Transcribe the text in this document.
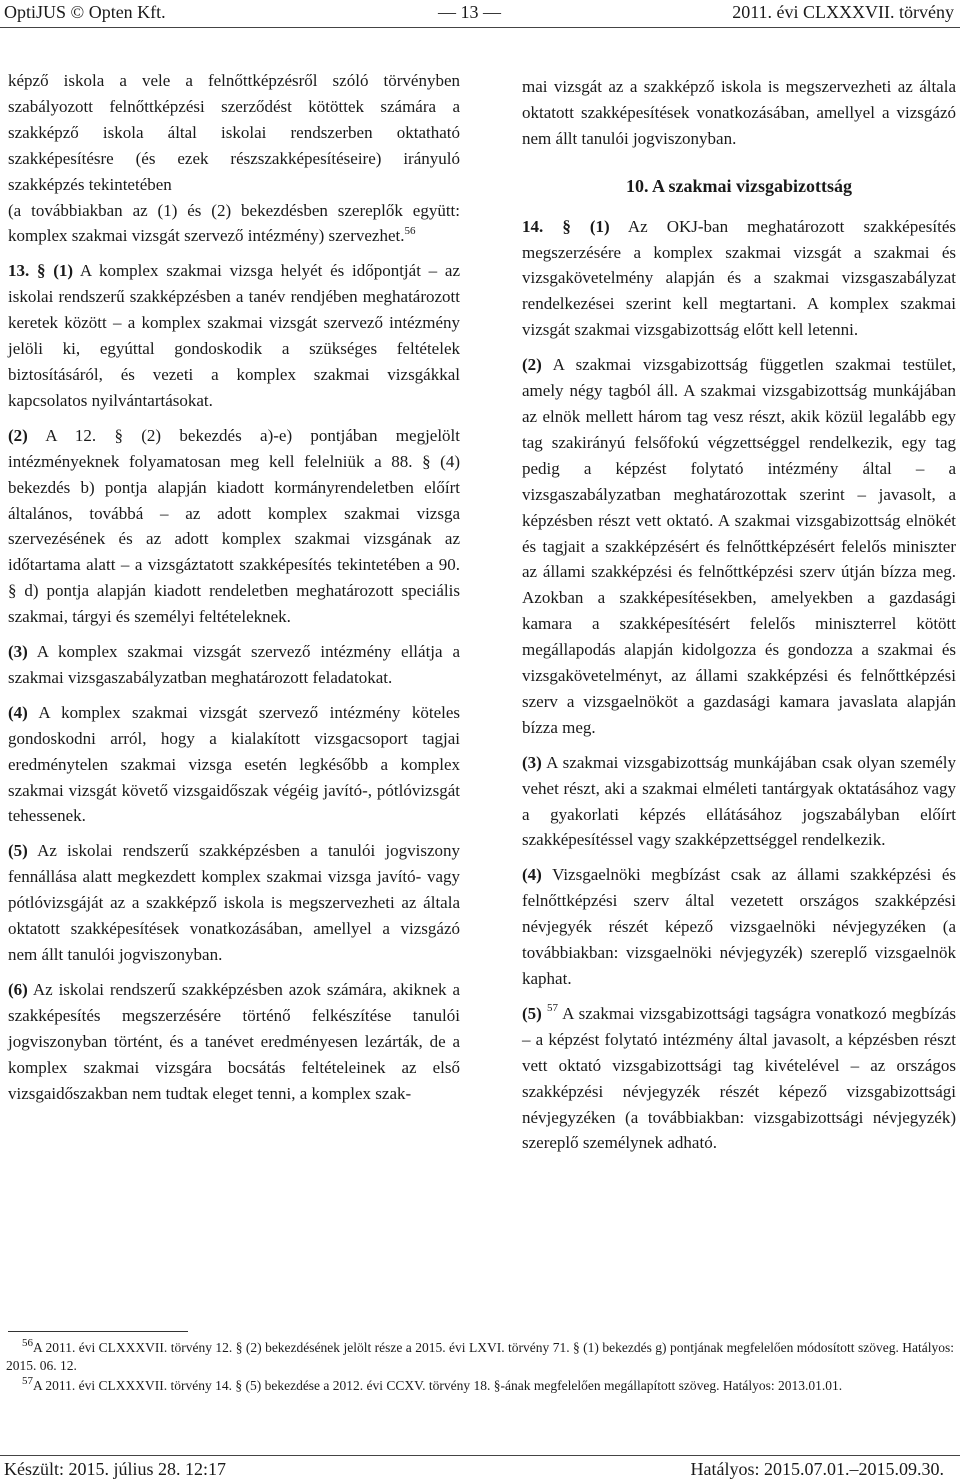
OptiJUS © Opten Kft.	— 13 —	2011. évi CLXXXVII. törvény

képző iskola a vele a felnőttképzésről szóló törvényben szabályozott felnőttképzési szerződést kötöttek számára a szakképző iskola által iskolai rendszerben oktatható szakképesítésre (és ezek részszakképesítéseire) irányuló szakképzés tekintetében

(a továbbiakban az (1) és (2) bekezdésben szereplők együtt: komplex szakmai vizsgát szervező intézmény) szervezhet.$^{56}$

13. § (1) A komplex szakmai vizsga helyét és időpontját – az iskolai rendszerű szakképzésben a tanév rendjében meghatározott keretek között – a komplex szakmai vizsgát szervező intézmény jelöli ki, egyúttal gondoskodik a szükséges feltételek biztosításáról, és vezeti a komplex szakmai vizsgákkal kapcsolatos nyilvántartásokat.

(2) A 12. § (2) bekezdés a)-e) pontjában megjelölt intézményeknek folyamatosan meg kell felelniük a 88. § (4) bekezdés b) pontja alapján kiadott kormányrendeletben előírt általános, továbbá – az adott komplex szakmai vizsga szervezésének és az adott komplex szakmai vizsgának az időtartama alatt – a vizsgáztatott szakképesítés tekintetében a 90. § d) pontja alapján kiadott rendeletben meghatározott speciális szakmai, tárgyi és személyi feltételeknek.

(3) A komplex szakmai vizsgát szervező intézmény ellátja a szakmai vizsgaszabályzatban meghatározott feladatokat.

(4) A komplex szakmai vizsgát szervező intézmény köteles gondoskodni arról, hogy a kialakított vizsgacsoport tagjai eredménytelen szakmai vizsga esetén legkésőbb a komplex szakmai vizsgát követő vizsgaidőszak végéig javító-, pótlóvizsgát tehessenek.

(5) Az iskolai rendszerű szakképzésben a tanulói jogviszony fennállása alatt megkezdett komplex szakmai vizsga javító- vagy pótlóvizsgáját az a szakképző iskola is megszervezheti az általa oktatott szakképesítések vonatkozásában, amellyel a vizsgázó nem állt tanulói jogviszonyban.

(6) Az iskolai rendszerű szakképzésben azok számára, akiknek a szakképesítés megszerzésére történő felkészítése tanulói jogviszonyban történt, és a tanévet eredményesen lezárták, de a komplex szakmai vizsgára bocsátás feltételeinek az első vizsgaidőszakban nem tudtak eleget tenni, a komplex szak-

mai vizsgát az a szakképző iskola is megszervezheti az általa oktatott szakképesítések vonatkozásában, amellyel a vizsgázó nem állt tanulói jogviszonyban.

10. A szakmai vizsgabizottság

14. § (1) Az OKJ-ban meghatározott szakképesítés megszerzésére a komplex szakmai vizsgát a szakmai és vizsgakövetelmény alapján és a szakmai vizsgaszabályzat rendelkezései szerint kell megtartani. A komplex szakmai vizsgát szakmai vizsgabizottság előtt kell letenni.

(2) A szakmai vizsgabizottság független szakmai testület, amely négy tagból áll. A szakmai vizsgabizottság munkájában az elnök mellett három tag vesz részt, akik közül legalább egy tag szakirányú felsőfokú végzettséggel rendelkezik, egy tag pedig a képzést folytató intézmény által – a vizsgaszabályzatban meghatározottak szerint – javasolt, a képzésben részt vett oktató. A szakmai vizsgabizottság elnökét és tagjait a szakképzésért és felnőttképzésért felelős miniszter az állami szakképzési és felnőttképzési szerv útján bízza meg. Azokban a szakképesítésekben, amelyekben a gazdasági kamara a szakképesítésért felelős miniszterrel kötött megállapodás alapján kidolgozza és gondozza a szakmai és vizsgakövetelményt, az állami szakképzési és felnőttképzési szerv a vizsgaelnököt a gazdasági kamara javaslata alapján bízza meg.

(3) A szakmai vizsgabizottság munkájában csak olyan személy vehet részt, aki a szakmai elméleti tantárgyak oktatásához vagy a gyakorlati képzés ellátásához jogszabályban előírt szakképesítéssel vagy szakképzettséggel rendelkezik.

(4) Vizsgaelnöki megbízást csak az állami szakképzési és felnőttképzési szerv által vezetett országos szakképzési névjegyék részét képező vizsgaelnöki névjegyzéken (a továbbiakban: vizsgaelnöki névjegyzék) szereplő vizsgaelnök kaphat.

(5) $^{57}$ A szakmai vizsgabizottsági tagságra vonatkozó megbízás – a képzést folytató intézmény által javasolt, a képzésben részt vett oktató vizsgabizottsági tag kivételével – az országos szakképzési névjegyzék részét képező vizsgabizottsági névjegyzéken (a továbbiakban: vizsgabizottsági névjegyzék) szereplő személynek adható.

$^{56}$A 2011. évi CLXXXVII. törvény 12. § (2) bekezdésének jelölt része a 2015. évi LXVI. törvény 71. § (1) bekezdés g) pontjának megfelelően módosított szöveg. Hatályos: 2015. 06. 12.

$^{57}$A 2011. évi CLXXXVII. törvény 14. § (5) bekezdése a 2012. évi CCXV. törvény 18. §-ának megfelelően megállapított szöveg. Hatályos: 2013.01.01.

Készült: 2015. július 28. 12:17	Hatályos: 2015.07.01.–2015.09.30.
